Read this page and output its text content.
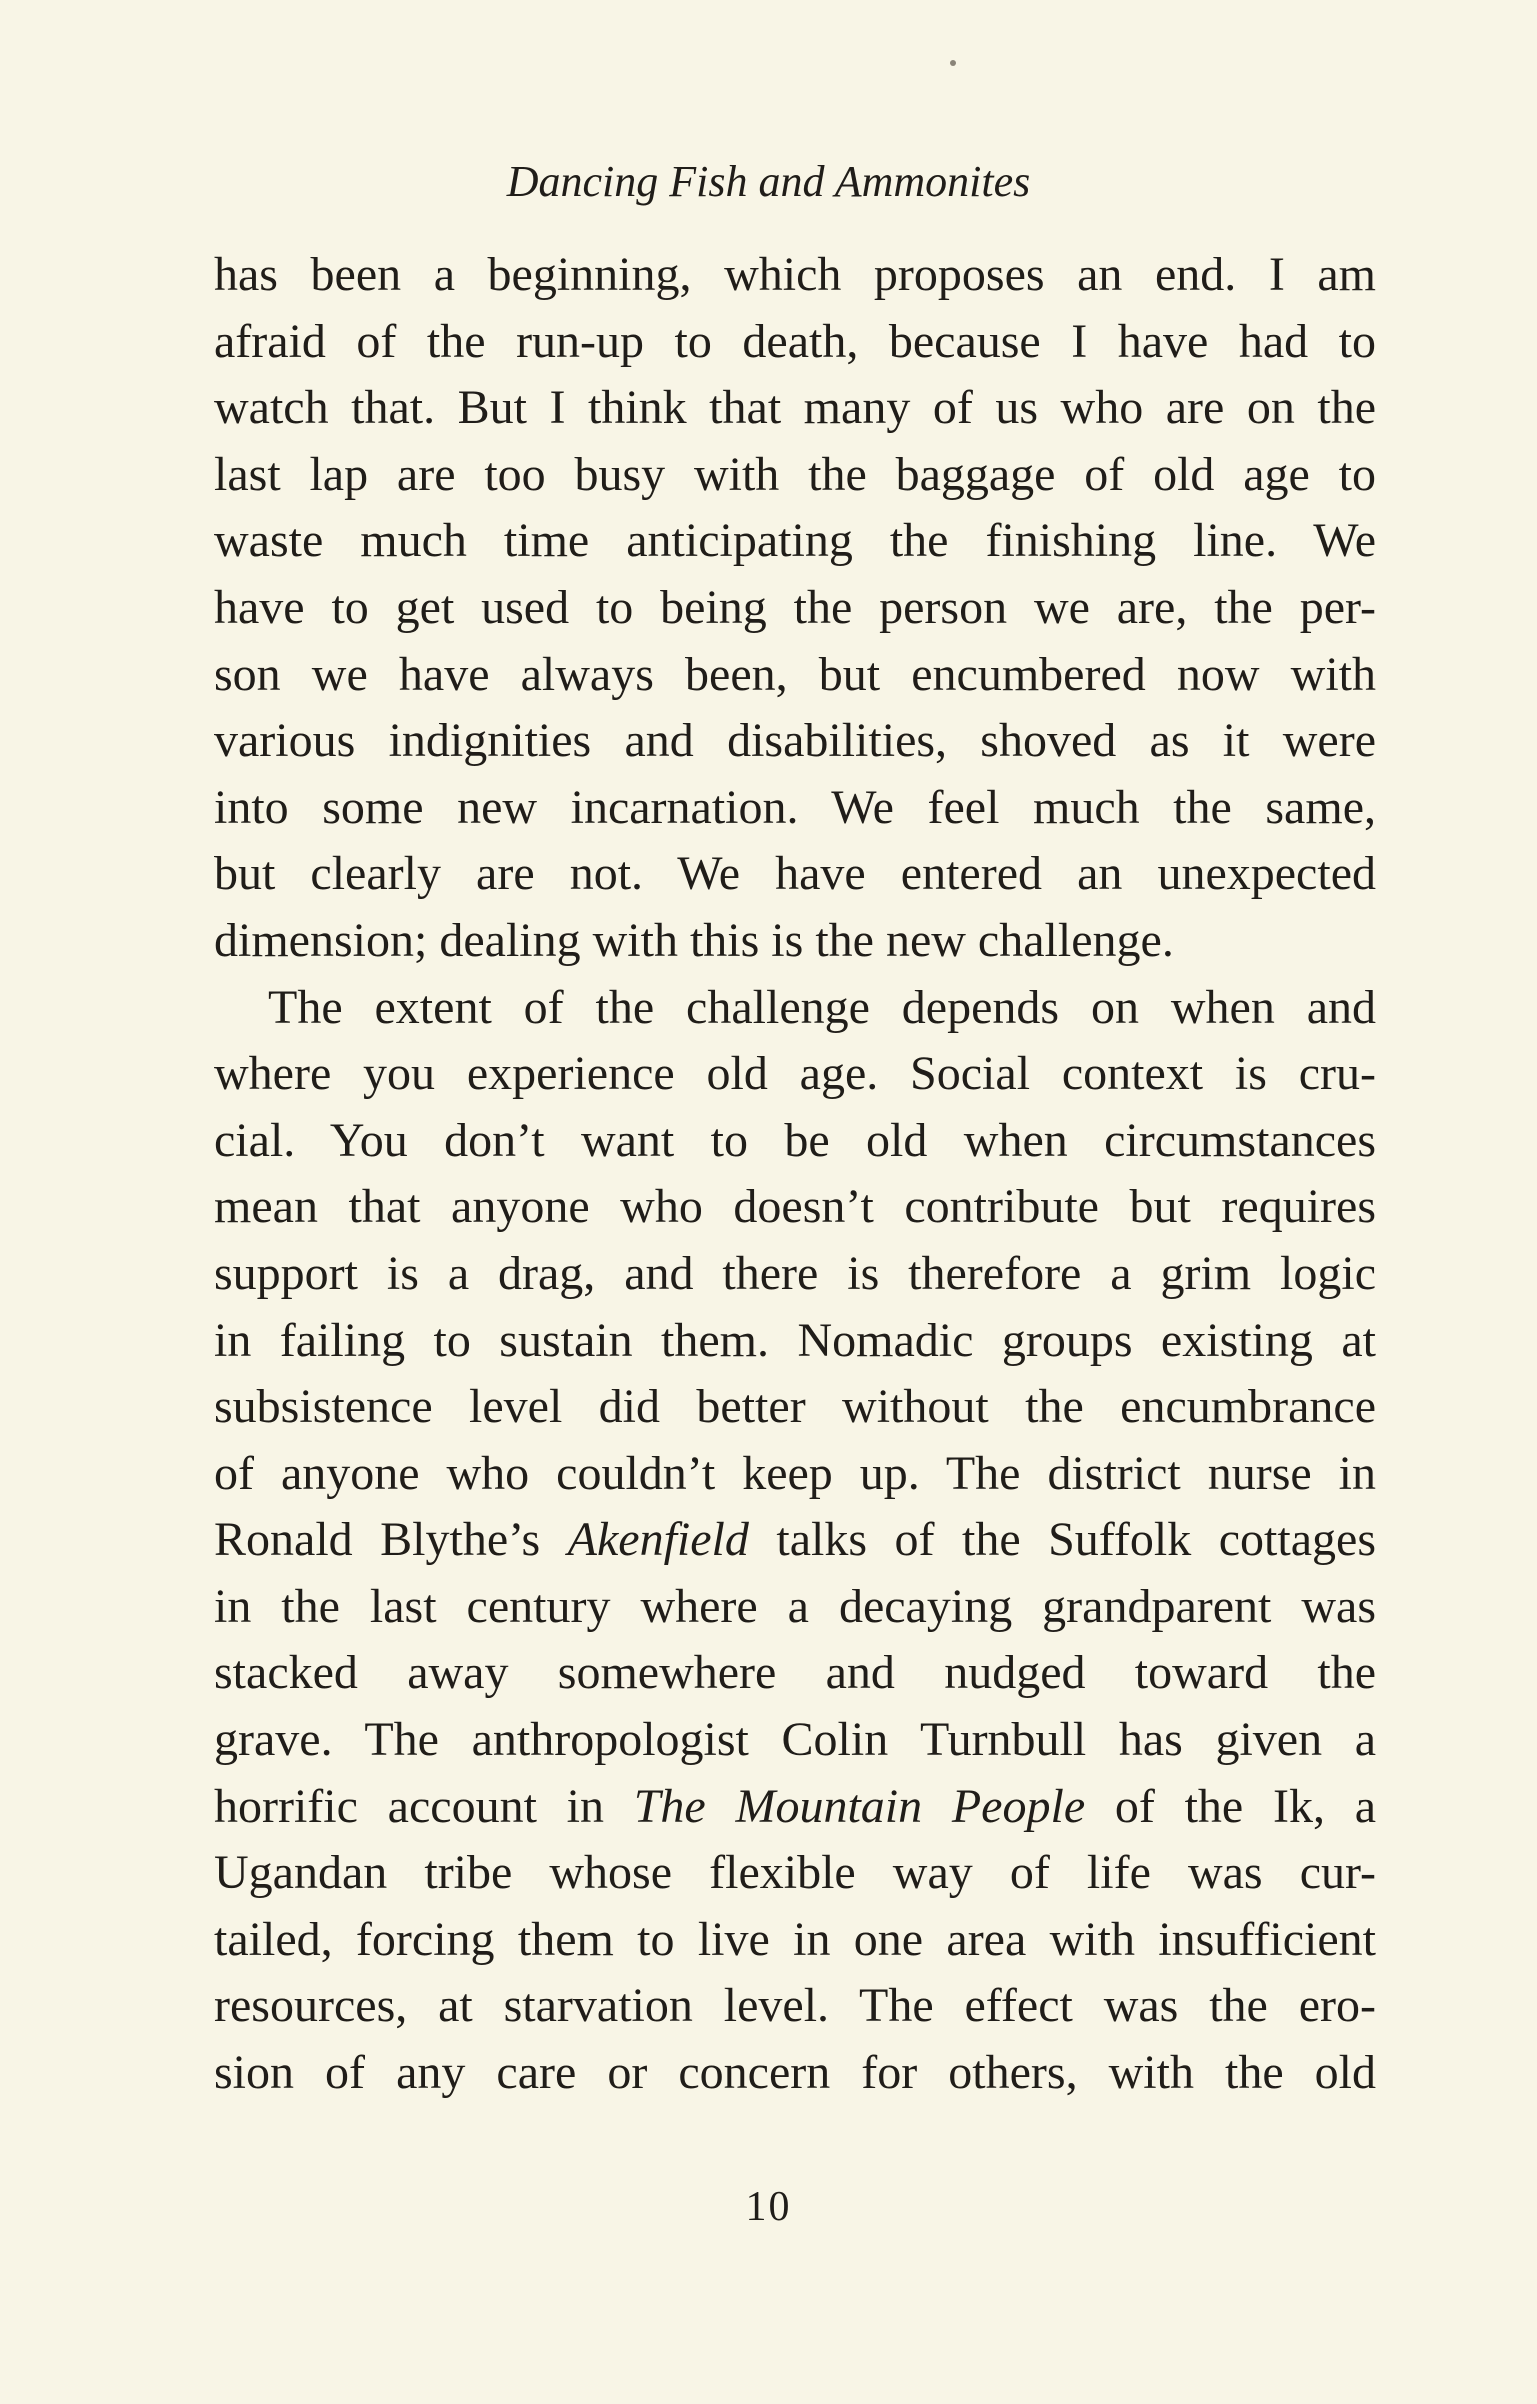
Dancing Fish and Ammonites
has been a beginning, which proposes an end. I am
afraid of the run-up to death, because I have had to
watch that. But I think that many of us who are on the
last lap are too busy with the baggage of old age to
waste much time anticipating the finishing line. We
have to get used to being the person we are, the per-
son we have always been, but encumbered now with
various indignities and disabilities, shoved as it were
into some new incarnation. We feel much the same,
but clearly are not. We have entered an unexpected
dimension; dealing with this is the new challenge.
The extent of the challenge depends on when and
where you experience old age. Social context is cru-
cial. You don’t want to be old when circumstances
mean that anyone who doesn’t contribute but requires
support is a drag, and there is therefore a grim logic
in failing to sustain them. Nomadic groups existing at
subsistence level did better without the encumbrance
of anyone who couldn’t keep up. The district nurse in
Ronald Blythe’s Akenfield talks of the Suffolk cottages
in the last century where a decaying grandparent was
stacked away somewhere and nudged toward the
grave. The anthropologist Colin Turnbull has given a
horrific account in The Mountain People of the Ik, a
Ugandan tribe whose flexible way of life was cur-
tailed, forcing them to live in one area with insufficient
resources, at starvation level. The effect was the ero-
sion of any care or concern for others, with the old
10
